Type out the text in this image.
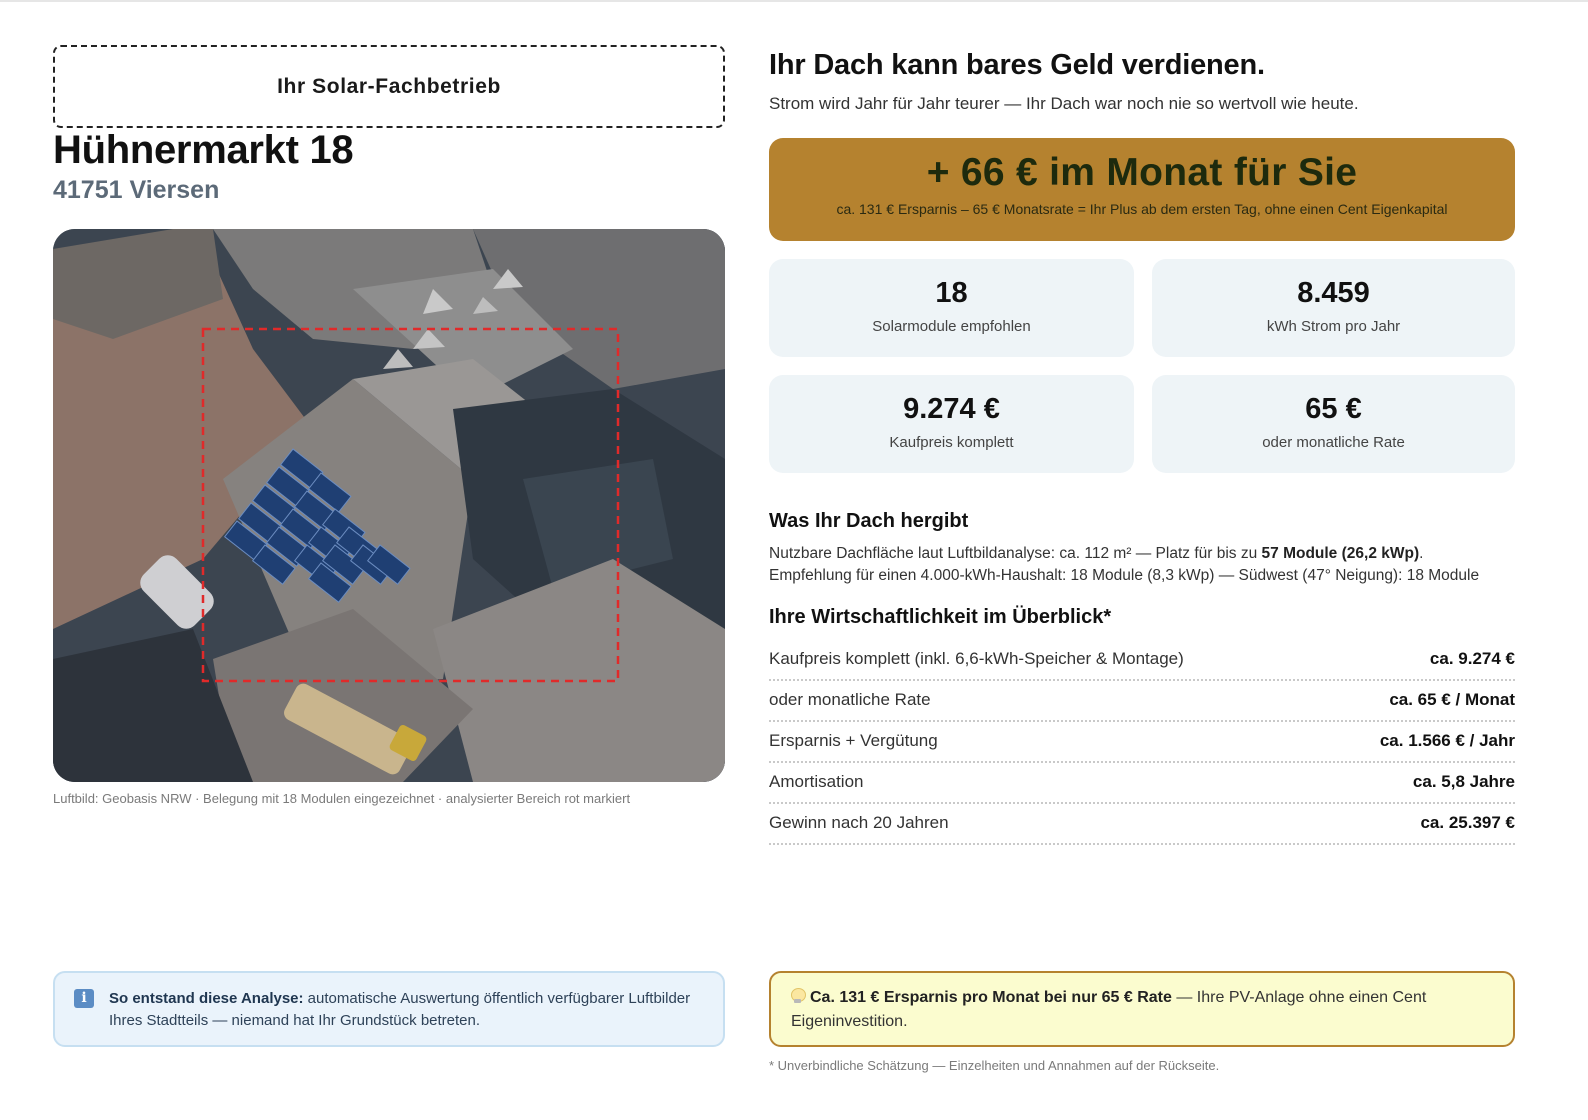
Ihr Solar-Fachbetrieb
Hühnermarkt 18
41751 Viersen
Luftbild: Geobasis NRW · Belegung mit 18 Modulen eingezeichnet · analysierter Bereich rot markiert
Ihr Dach kann bares Geld verdienen.
Strom wird Jahr für Jahr teurer — Ihr Dach war noch nie so wertvoll wie heute.
+ 66 € im Monat für Sie
ca. 131 € Ersparnis – 65 € Monatsrate = Ihr Plus ab dem ersten Tag, ohne einen Cent Eigenkapital
18
Solarmodule empfohlen
8.459
kWh Strom pro Jahr
9.274 €
Kaufpreis komplett
65 €
oder monatliche Rate
Was Ihr Dach hergibt
Nutzbare Dachfläche laut Luftbildanalyse: ca. 112 m² — Platz für bis zu 57 Module (26,2 kWp).
Empfehlung für einen 4.000-kWh-Haushalt: 18 Module (8,3 kWp) — Südwest (47° Neigung): 18 Module
Ihre Wirtschaftlichkeit im Überblick*
Kaufpreis komplett (inkl. 6,6-kWh-Speicher & Montage)	ca. 9.274 €
oder monatliche Rate	ca. 65 € / Monat
Ersparnis + Vergütung	ca. 1.566 € / Jahr
Amortisation	ca. 5,8 Jahre
Gewinn nach 20 Jahren	ca. 25.397 €
i	So entstand diese Analyse: automatische Auswertung öffentlich verfügbarer Luftbilder Ihres Stadtteils — niemand hat Ihr Grundstück betreten.

Ca. 131 € Ersparnis pro Monat bei nur 65 € Rate — Ihre PV-Anlage ohne einen Cent Eigeninvestition.

* Unverbindliche Schätzung — Einzelheiten und Annahmen auf der Rückseite.
